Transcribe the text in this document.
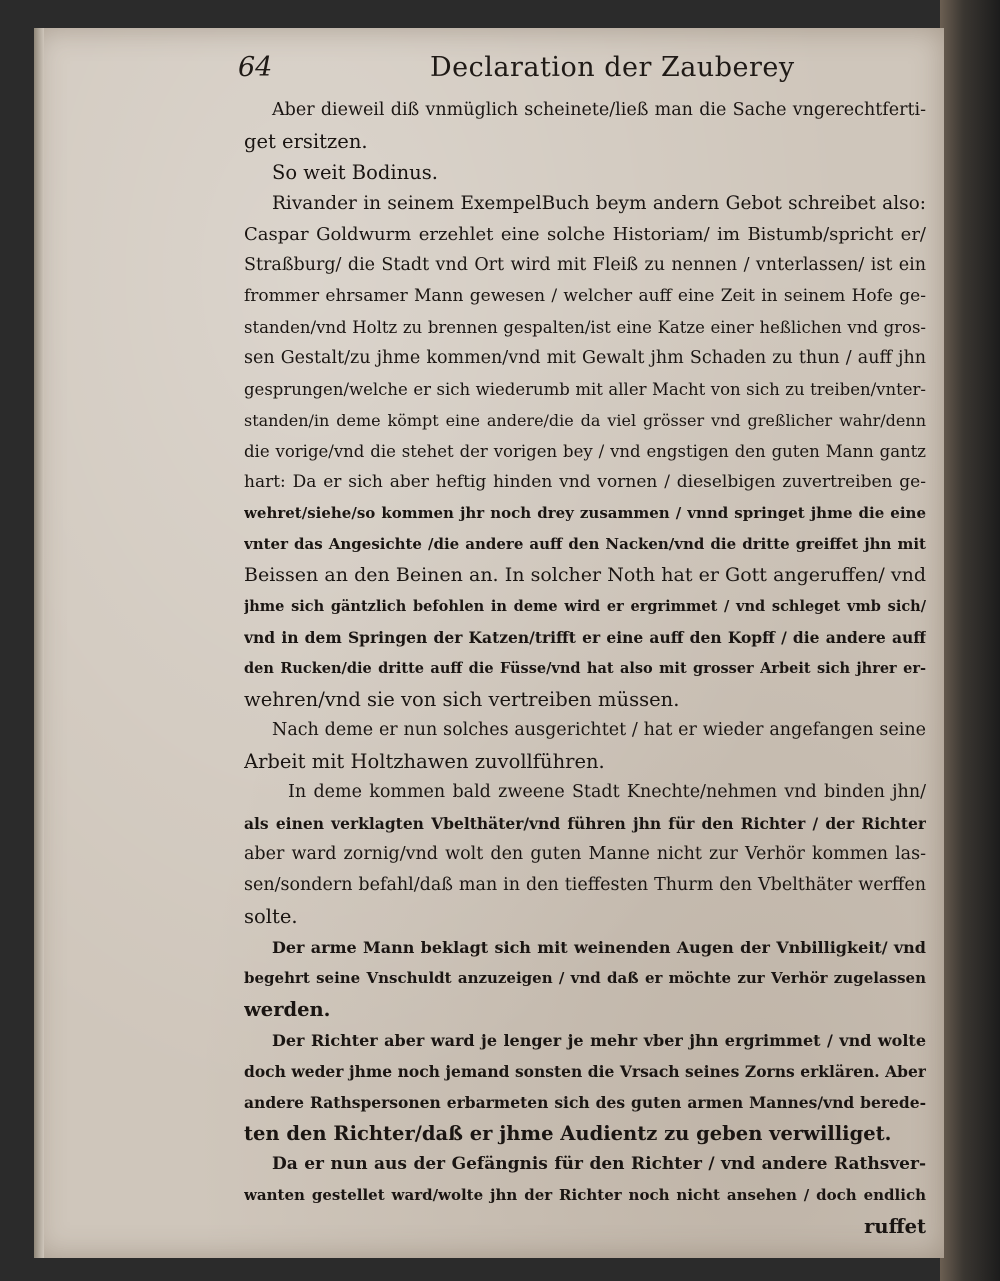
64	Declaration der Zauberey
Aber dieweil diß vnmüglich scheinete/ließ man die Sache vngerechtferti-
get ersitzen.
So weit Bodinus.
Rivander in seinem ExempelBuch beym andern Gebot schreibet also:
Caspar Goldwurm erzehlet eine solche Historiam/ im Bistumb/spricht er/
Straßburg/ die Stadt vnd Ort wird mit Fleiß zu nennen / vnterlassen/ ist ein
frommer ehrsamer Mann gewesen / welcher auff eine Zeit in seinem Hofe ge-
standen/vnd Holtz zu brennen gespalten/ist eine Katze einer heßlichen vnd gros-
sen Gestalt/zu jhme kommen/vnd mit Gewalt jhm Schaden zu thun / auff jhn
gesprungen/welche er sich wiederumb mit aller Macht von sich zu treiben/vnter-
standen/in deme kömpt eine andere/die da viel grösser vnd greßlicher wahr/denn
die vorige/vnd die stehet der vorigen bey / vnd engstigen den guten Mann gantz
hart: Da er sich aber heftig hinden vnd vornen / dieselbigen zuvertreiben ge-
wehret/siehe/so kommen jhr noch drey zusammen / vnnd springet jhme die eine
vnter das Angesichte /die andere auff den Nacken/vnd die dritte greiffet jhn mit
Beissen an den Beinen an. In solcher Noth hat er Gott angeruffen/ vnd
jhme sich gäntzlich befohlen in deme wird er ergrimmet / vnd schleget vmb sich/
vnd in dem Springen der Katzen/trifft er eine auff den Kopff / die andere auff
den Rucken/die dritte auff die Füsse/vnd hat also mit grosser Arbeit sich jhrer er-
wehren/vnd sie von sich vertreiben müssen.
Nach deme er nun solches ausgerichtet / hat er wieder angefangen seine
Arbeit mit Holtzhawen zuvollführen.
In deme kommen bald zweene Stadt Knechte/nehmen vnd binden jhn/
als einen verklagten Vbelthäter/vnd führen jhn für den Richter / der Richter
aber ward zornig/vnd wolt den guten Manne nicht zur Verhör kommen las-
sen/sondern befahl/daß man in den tieffesten Thurm den Vbelthäter werffen
solte.
Der arme Mann beklagt sich mit weinenden Augen der Vnbilligkeit/ vnd
begehrt seine Vnschuldt anzuzeigen / vnd daß er möchte zur Verhör zugelassen
werden.
Der Richter aber ward je lenger je mehr vber jhn ergrimmet / vnd wolte
doch weder jhme noch jemand sonsten die Vrsach seines Zorns erklären. Aber
andere Rathspersonen erbarmeten sich des guten armen Mannes/vnd berede-
ten den Richter/daß er jhme Audientz zu geben verwilliget.
Da er nun aus der Gefängnis für den Richter / vnd andere Rathsver-
wanten gestellet ward/wolte jhn der Richter noch nicht ansehen / doch endlich
ruffet
